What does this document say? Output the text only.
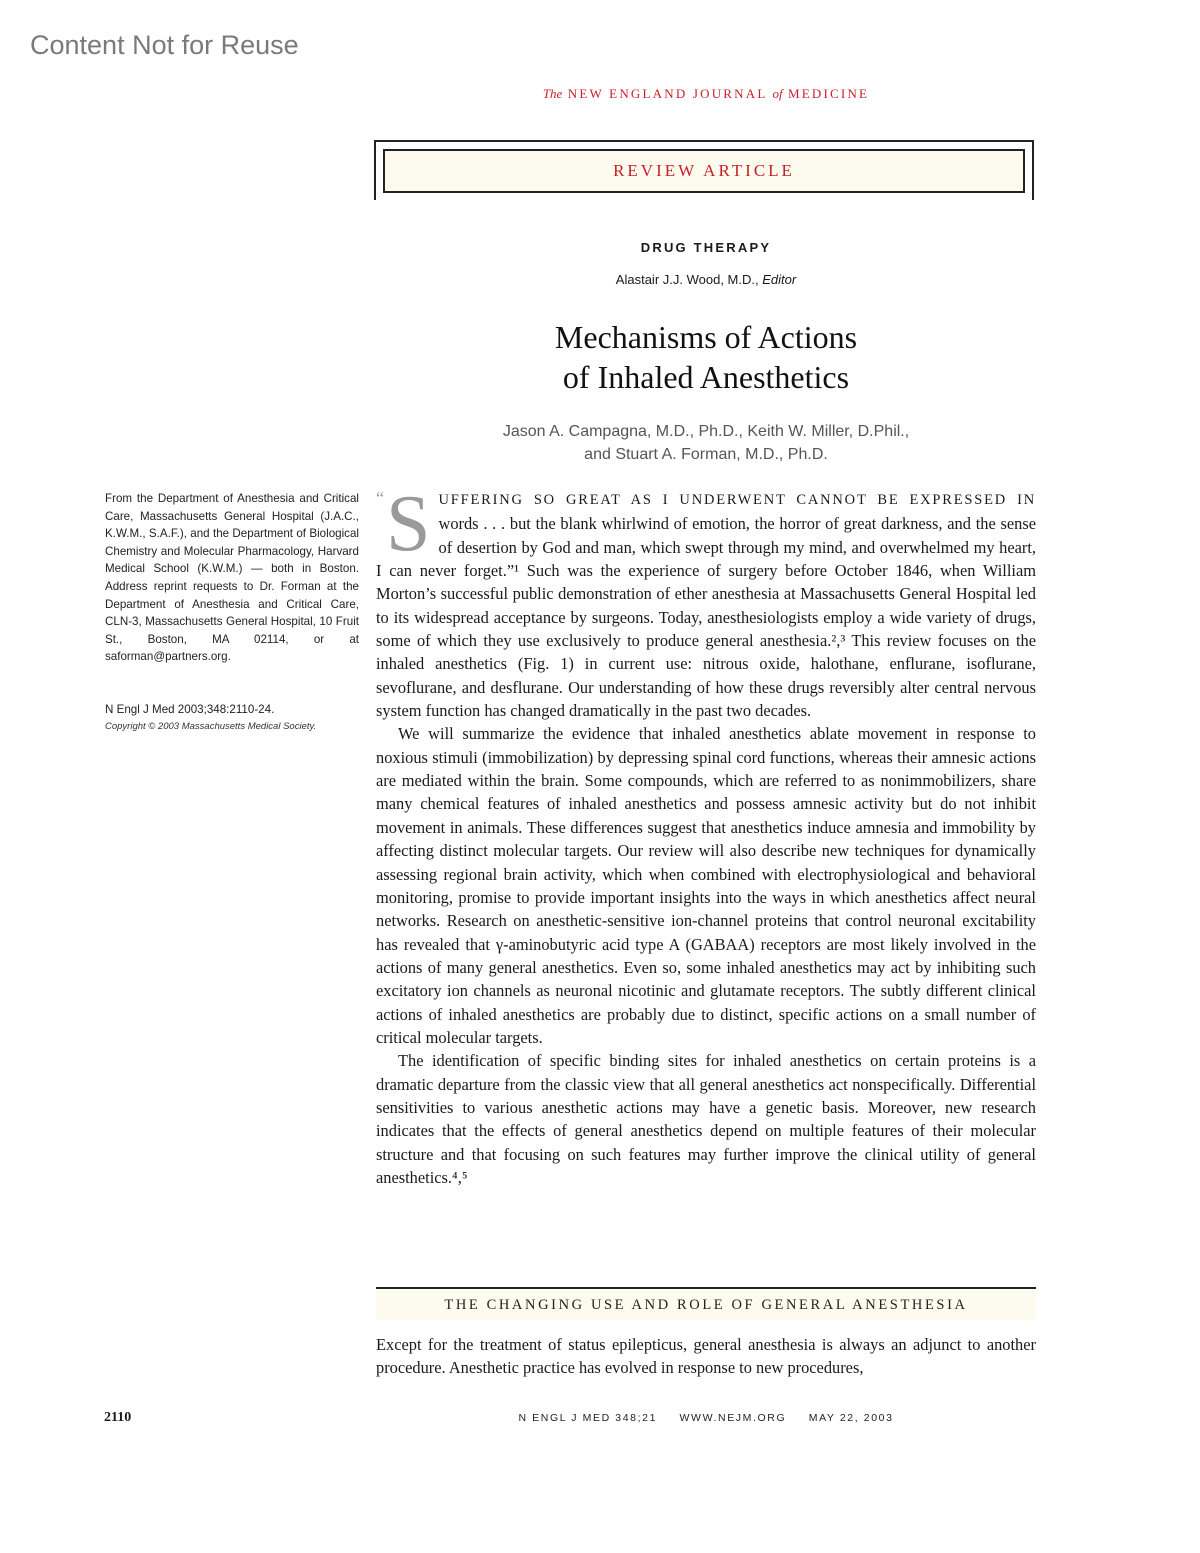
Content Not for Reuse
The NEW ENGLAND JOURNAL of MEDICINE
REVIEW ARTICLE
DRUG THERAPY
Alastair J.J. Wood, M.D., Editor
Mechanisms of Actions
of Inhaled Anesthetics
Jason A. Campagna, M.D., Ph.D., Keith W. Miller, D.Phil.,
and Stuart A. Forman, M.D., Ph.D.

From the Department of Anesthesia and Critical Care, Massachusetts General Hospital (J.A.C., K.W.M., S.A.F.), and the Department of Biological Chemistry and Molecular Pharmacology, Harvard Medical School (K.W.M.) — both in Boston. Address reprint requests to Dr. Forman at the Department of Anesthesia and Critical Care, CLN-3, Massachusetts General Hospital, 10 Fruit St., Boston, MA 02114, or at saforman@partners.org.

N Engl J Med 2003;348:2110-24.
Copyright © 2003 Massachusetts Medical Society.

“ S UFFERING SO GREAT AS I UNDERWENT CANNOT BE EXPRESSED IN words . . . but the blank whirlwind of emotion, the horror of great darkness, and the sense of desertion by God and man, which swept through my mind, and overwhelmed my heart, I can never forget.”¹ Such was the experience of surgery before October 1846, when William Morton’s successful public demonstration of ether anesthesia at Massachusetts General Hospital led to its widespread acceptance by surgeons. Today, anesthesiologists employ a wide variety of drugs, some of which they use exclusively to produce general anesthesia.²,³ This review focuses on the inhaled anesthetics (Fig. 1) in current use: nitrous oxide, halothane, enflurane, isoflurane, sevoflurane, and desflurane. Our understanding of how these drugs reversibly alter central nervous system function has changed dramatically in the past two decades.

We will summarize the evidence that inhaled anesthetics ablate movement in response to noxious stimuli (immobilization) by depressing spinal cord functions, whereas their amnesic actions are mediated within the brain. Some compounds, which are referred to as nonimmobilizers, share many chemical features of inhaled anesthetics and possess amnesic activity but do not inhibit movement in animals. These differences suggest that anesthetics induce amnesia and immobility by affecting distinct molecular targets. Our review will also describe new techniques for dynamically assessing regional brain activity, which when combined with electrophysiological and behavioral monitoring, promise to provide important insights into the ways in which anesthetics affect neural networks. Research on anesthetic-sensitive ion-channel proteins that control neuronal excitability has revealed that γ-aminobutyric acid type A (GABAA) receptors are most likely involved in the actions of many general anesthetics. Even so, some inhaled anesthetics may act by inhibiting such excitatory ion channels as neuronal nicotinic and glutamate receptors. The subtly different clinical actions of inhaled anesthetics are probably due to distinct, specific actions on a small number of critical molecular targets.

The identification of specific binding sites for inhaled anesthetics on certain proteins is a dramatic departure from the classic view that all general anesthetics act nonspecifically. Differential sensitivities to various anesthetic actions may have a genetic basis. Moreover, new research indicates that the effects of general anesthetics depend on multiple features of their molecular structure and that focusing on such features may further improve the clinical utility of general anesthetics.⁴,⁵

THE CHANGING USE AND ROLE OF GENERAL ANESTHESIA

Except for the treatment of status epilepticus, general anesthesia is always an adjunct to another procedure. Anesthetic practice has evolved in response to new procedures,

2110	N ENGL J MED 348;21 WWW.NEJM.ORG MAY 22, 2003
